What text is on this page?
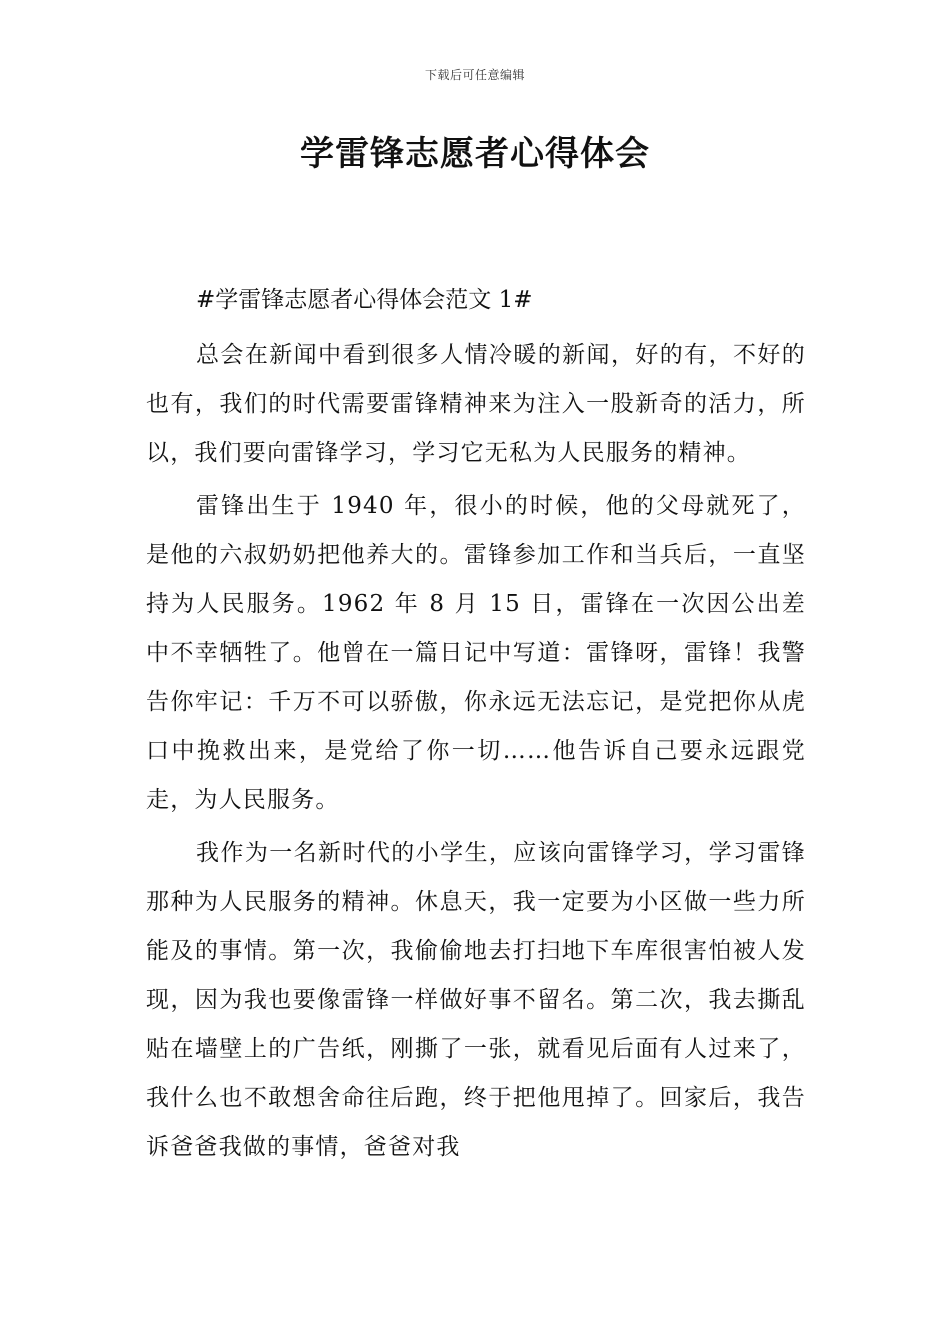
下载后可任意编辑
学雷锋志愿者心得体会
#学雷锋志愿者心得体会范文 1#

总会在新闻中看到很多人情冷暖的新闻，好的有，不好的也有，我们的时代需要雷锋精神来为注入一股新奇的活力，所以，我们要向雷锋学习，学习它无私为人民服务的精神。

雷锋出生于 1940 年，很小的时候，他的父母就死了，是他的六叔奶奶把他养大的。雷锋参加工作和当兵后，一直坚持为人民服务。1962 年 8 月 15 日，雷锋在一次因公出差中不幸牺牲了。他曾在一篇日记中写道：雷锋呀，雷锋！我警告你牢记：千万不可以骄傲，你永远无法忘记，是党把你从虎口中挽救出来，是党给了你一切……他告诉自己要永远跟党走，为人民服务。

我作为一名新时代的小学生，应该向雷锋学习，学习雷锋那种为人民服务的精神。休息天，我一定要为小区做一些力所能及的事情。第一次，我偷偷地去打扫地下车库很害怕被人发现，因为我也要像雷锋一样做好事不留名。第二次，我去撕乱贴在墙壁上的广告纸，刚撕了一张，就看见后面有人过来了，我什么也不敢想舍命往后跑，终于把他甩掉了。回家后，我告诉爸爸我做的事情，爸爸对我
